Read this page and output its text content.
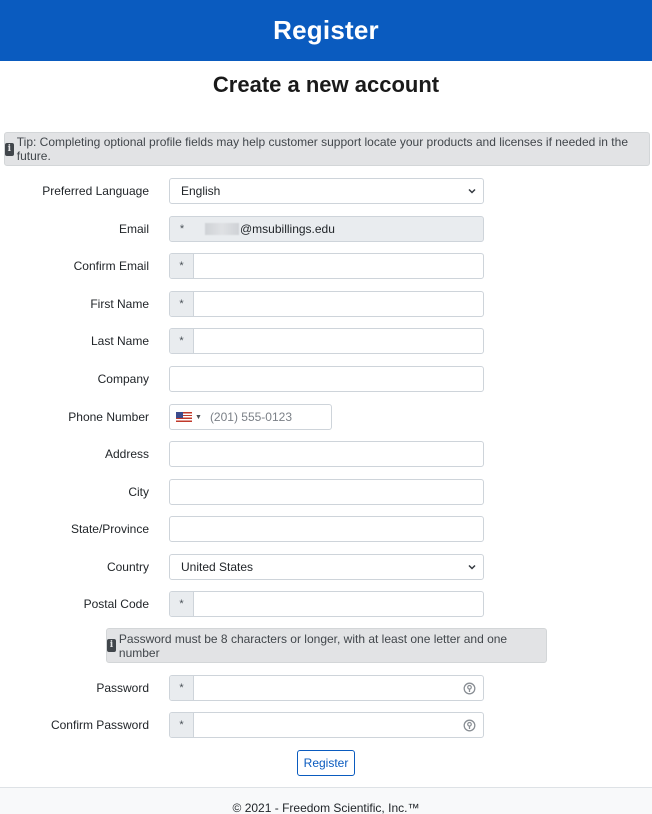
Register
Create a new account
i Tip: Completing optional profile fields may help customer support locate your products and licenses if needed in the future.
Preferred Language	English
Email	*	@msubillings.edu
Confirm Email	*
First Name	*
Last Name	*
Company
Phone Number	▼ (201) 555-0123
Address
City
State/Province
Country	United States
Postal Code	*
i Password must be 8 characters or longer, with at least one letter and one number
Password	*
Confirm Password	*
Register
© 2021 - Freedom Scientific, Inc.™
